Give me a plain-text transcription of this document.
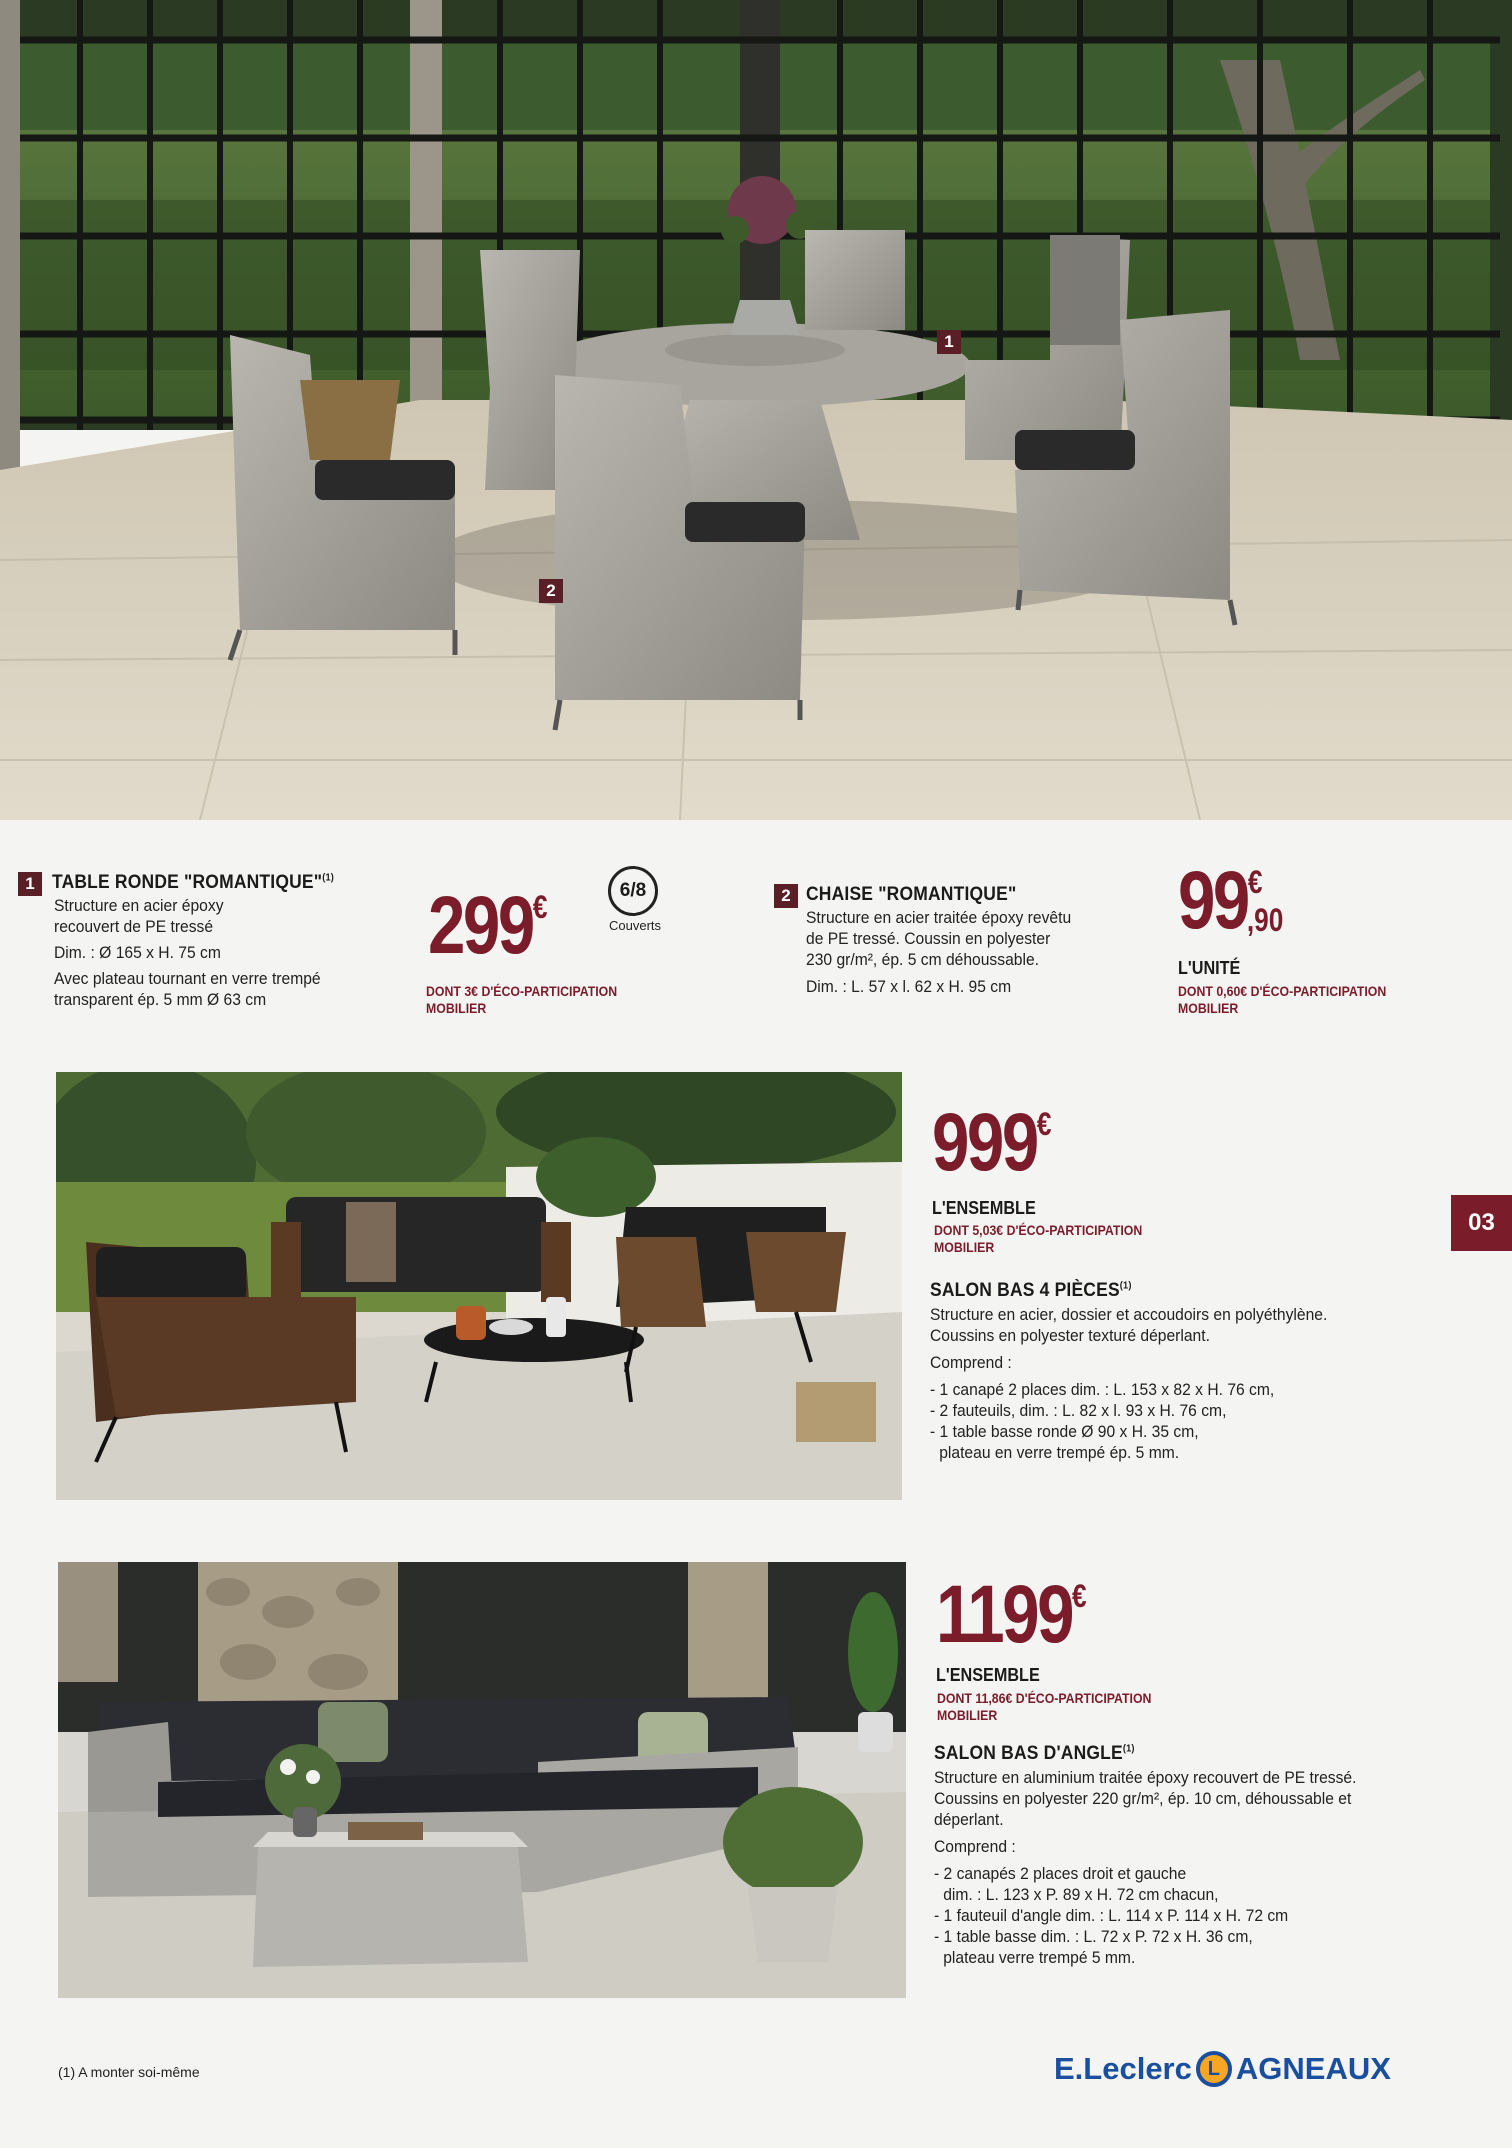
1
2
1 TABLE RONDE "ROMANTIQUE"$^{(1)}$

Structure en acier époxy

recouvert de PE tressé

Dim. : Ø 165 x H. 75 cm

Avec plateau tournant en verre trempé

transparent ép. 5 mm Ø 63 cm

299€
DONT 3€ D'ÉCO-PARTICIPATION
MOBILIER
6/8
Couverts
2 CHAISE "ROMANTIQUE"

Structure en acier traitée époxy revêtu

de PE tressé. Coussin en polyester

230 gr/m², ép. 5 cm déhoussable.

Dim. : L. 57 x l. 62 x H. 95 cm

99€
,90
L'UNITÉ
DONT 0,60€ D'ÉCO-PARTICIPATION
MOBILIER
999€
L'ENSEMBLE
DONT 5,03€ D'ÉCO-PARTICIPATION
MOBILIER
SALON BAS 4 PIÈCES$^{(1)}$

Structure en acier, dossier et accoudoirs en polyéthylène.

Coussins en polyester texturé déperlant.

Comprend :

- 1 canapé 2 places dim. : L. 153 x 82 x H. 76 cm,

- 2 fauteuils, dim. : L. 82 x l. 93 x H. 76 cm,

- 1 table basse ronde Ø 90 x H. 35 cm,

plateau en verre trempé ép. 5 mm.

03
1199€
L'ENSEMBLE
DONT 11,86€ D'ÉCO-PARTICIPATION
MOBILIER
SALON BAS D'ANGLE$^{(1)}$

Structure en aluminium traitée époxy recouvert de PE tressé.

Coussins en polyester 220 gr/m², ép. 10 cm, déhoussable et

déperlant.

Comprend :

- 2 canapés 2 places droit et gauche

dim. : L. 123 x P. 89 x H. 72 cm chacun,

- 1 fauteuil d'angle dim. : L. 114 x P. 114 x H. 72 cm

- 1 table basse dim. : L. 72 x P. 72 x H. 36 cm,

plateau verre trempé 5 mm.

(1) A monter soi-même	E.Leclerc L AGNEAUX
